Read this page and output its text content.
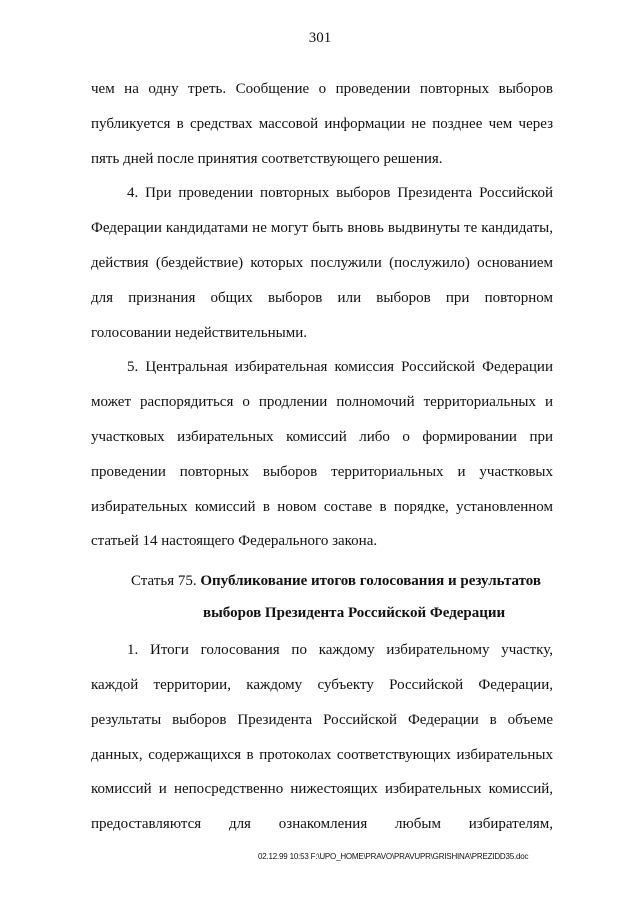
301
чем на одну треть. Сообщение о проведении повторных выборов
публикуется в средствах массовой информации не позднее чем через
пять дней после принятия соответствующего решения.
4. При проведении повторных выборов Президента Российской
Федерации кандидатами не могут быть вновь выдвинуты те кандидаты,
действия (бездействие) которых послужили (послужило) основанием
для признания общих выборов или выборов при повторном
голосовании недействительными.
5. Центральная избирательная комиссия Российской Федерации
может распорядиться о продлении полномочий территориальных и
участковых избирательных комиссий либо о формировании при
проведении повторных выборов территориальных и участковых
избирательных комиссий в новом составе в порядке, установленном
статьей 14 настоящего Федерального закона.
Статья 75. Опубликование итогов голосования и результатов
выборов Президента Российской Федерации
1. Итоги голосования по каждому избирательному участку,
каждой территории, каждому субъекту Российской Федерации,
результаты выборов Президента Российской Федерации в объеме
данных, содержащихся в протоколах соответствующих избирательных
комиссий и непосредственно нижестоящих избирательных комиссий,
предоставляются для ознакомления любым избирателям,
02.12.99 10:53 F:\UPO_HOME\PRAVO\PRAVUPR\GRISHINA\PREZIDD35.doc
